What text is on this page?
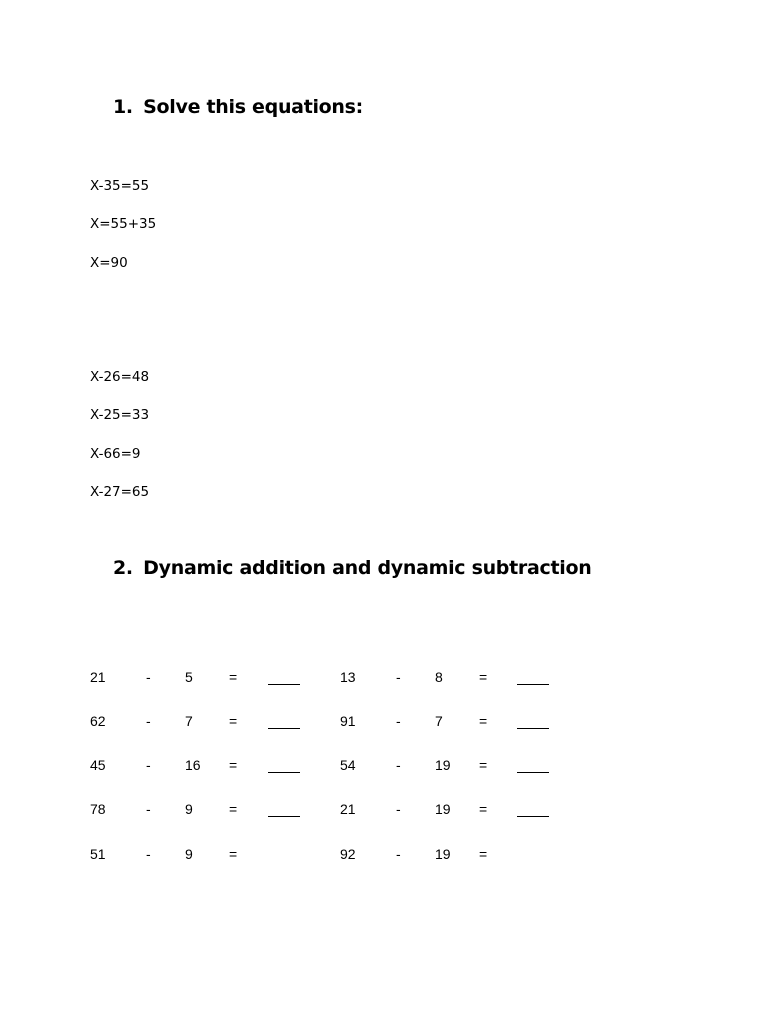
1. Solve this equations:
X-35=55
X=55+35
X=90
X-26=48
X-25=33
X-66=9
X-27=65
2. Dynamic addition and dynamic subtraction
21	- 5	=	13	- 8	=
62	- 7	=	91	- 7	=
45	- 16 =	54	- 19 =
78	- 9	=	21	- 19 =
51	- 9	=	92	- 19 =
